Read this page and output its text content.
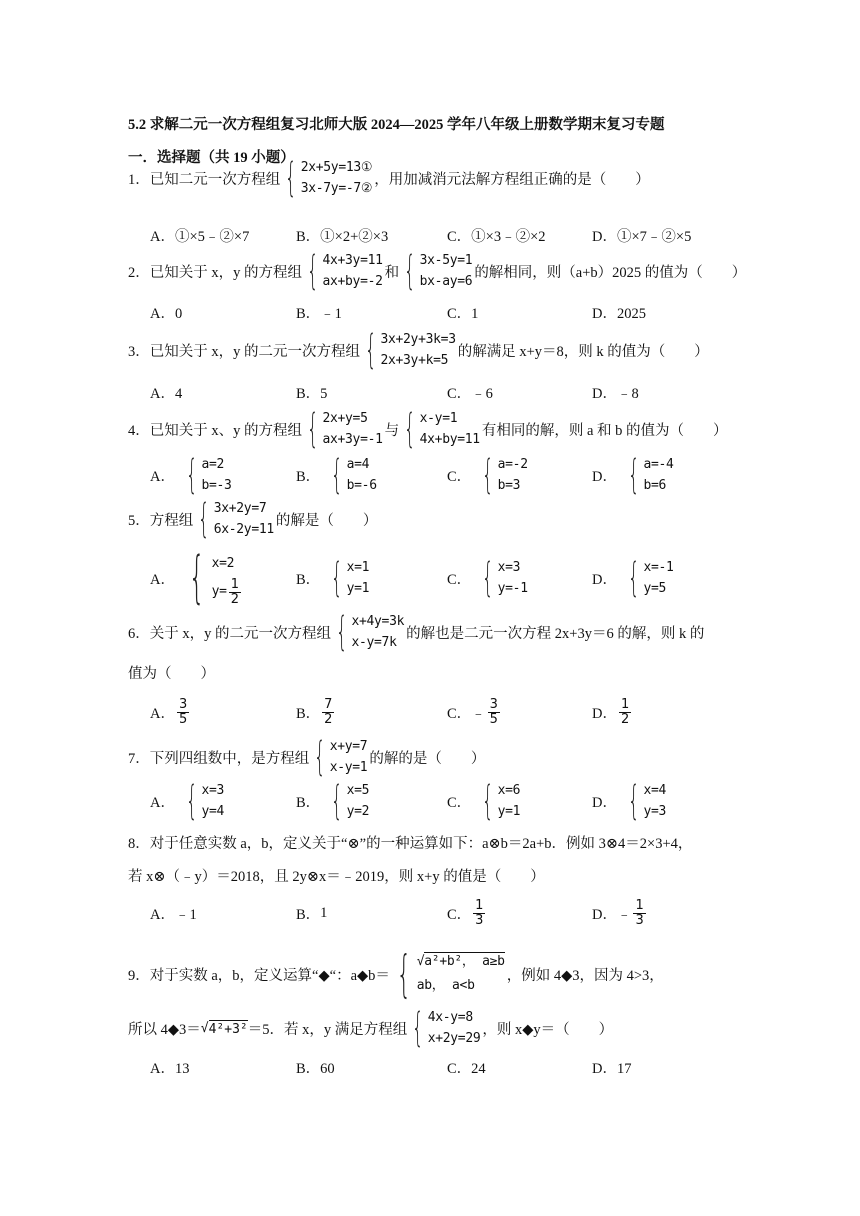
5.2 求解二元一次方程组复习北师大版 2024—2025 学年八年级上册数学期末复习专题
一．选择题（共 19 小题）
1．已知二元一次方程组 { 2x+5y=13①
3x-7y=-7②
，用加减消元法解方程组正确的是（　　）
A．①×5﹣②×7	B．①×2+②×3	C．①×3﹣②×2	D．①×7﹣②×5
2．已知关于 x，y 的方程组 { 4x+3y=11
ax+by=-2
和 { 3x-5y=1
bx-ay=6
的解相同，则（a+b）2025 的值为（　　）
A．0	B．﹣1	C．1	D．2025
3．已知关于 x，y 的二元一次方程组 { 3x+2y+3k=3
2x+3y+k=5
的解满足 x+y＝8，则 k 的值为（　　）
A．4	B．5	C．﹣6	D．﹣8
4．已知关于 x、y 的方程组 { 2x+y=5
ax+3y=-1
与 { x-y=1
4x+by=11
有相同的解，则 a 和 b 的值为（　　）
A． { a=2
b=-3
B． { a=4
b=-6
C． { a=-2
b=3
D． { a=-4
b=6
5．方程组 { 3x+2y=7
6x-2y=11
的解是（　　）
A． { x=2
$y= \frac{1}{2}$	B． { x=1
y=1
C． { x=3
y=-1
D． { x=-1
y=5
6．关于 x，y 的二元一次方程组 { x+4y=3k
x-y=7k
的解也是二元一次方程 2x+3y＝6 的解，则 k 的
值为（　　）
A． $\frac{3}{5}$	B． $\frac{7}{2}$	C． ﹣ $\frac{3}{5}$	D． $\frac{1}{2}$
7．下列四组数中，是方程组 { x+y=7
x-y=1
的解的是（　　）
A． { x=3
y=4
B． { x=5
y=2
C． { x=6
y=1
D． { x=4
y=3
8．对于任意实数 a，b，定义关于“⊗”的一种运算如下：a⊗b＝2a+b．例如 3⊗4＝2×3+4，
若 x⊗（﹣y）＝2018，且 2y⊗x＝﹣2019，则 x+y 的值是（　　）
A． ﹣1	B． 1	C． $\frac{1}{3}$	D． ﹣ $\frac{1}{3}$
9．对于实数 a，b，定义运算“◆“：a◆b＝ { √a²+b²， a≥b
ab， a<b
，例如 4◆3，因为 4>3，
所以 4◆3＝ √ 4²+3² ＝5．若 x，y 满足方程组 { 4x-y=8
x+2y=29
，则 x◆y＝（　　）
A．13	B．60	C．24	D．17
